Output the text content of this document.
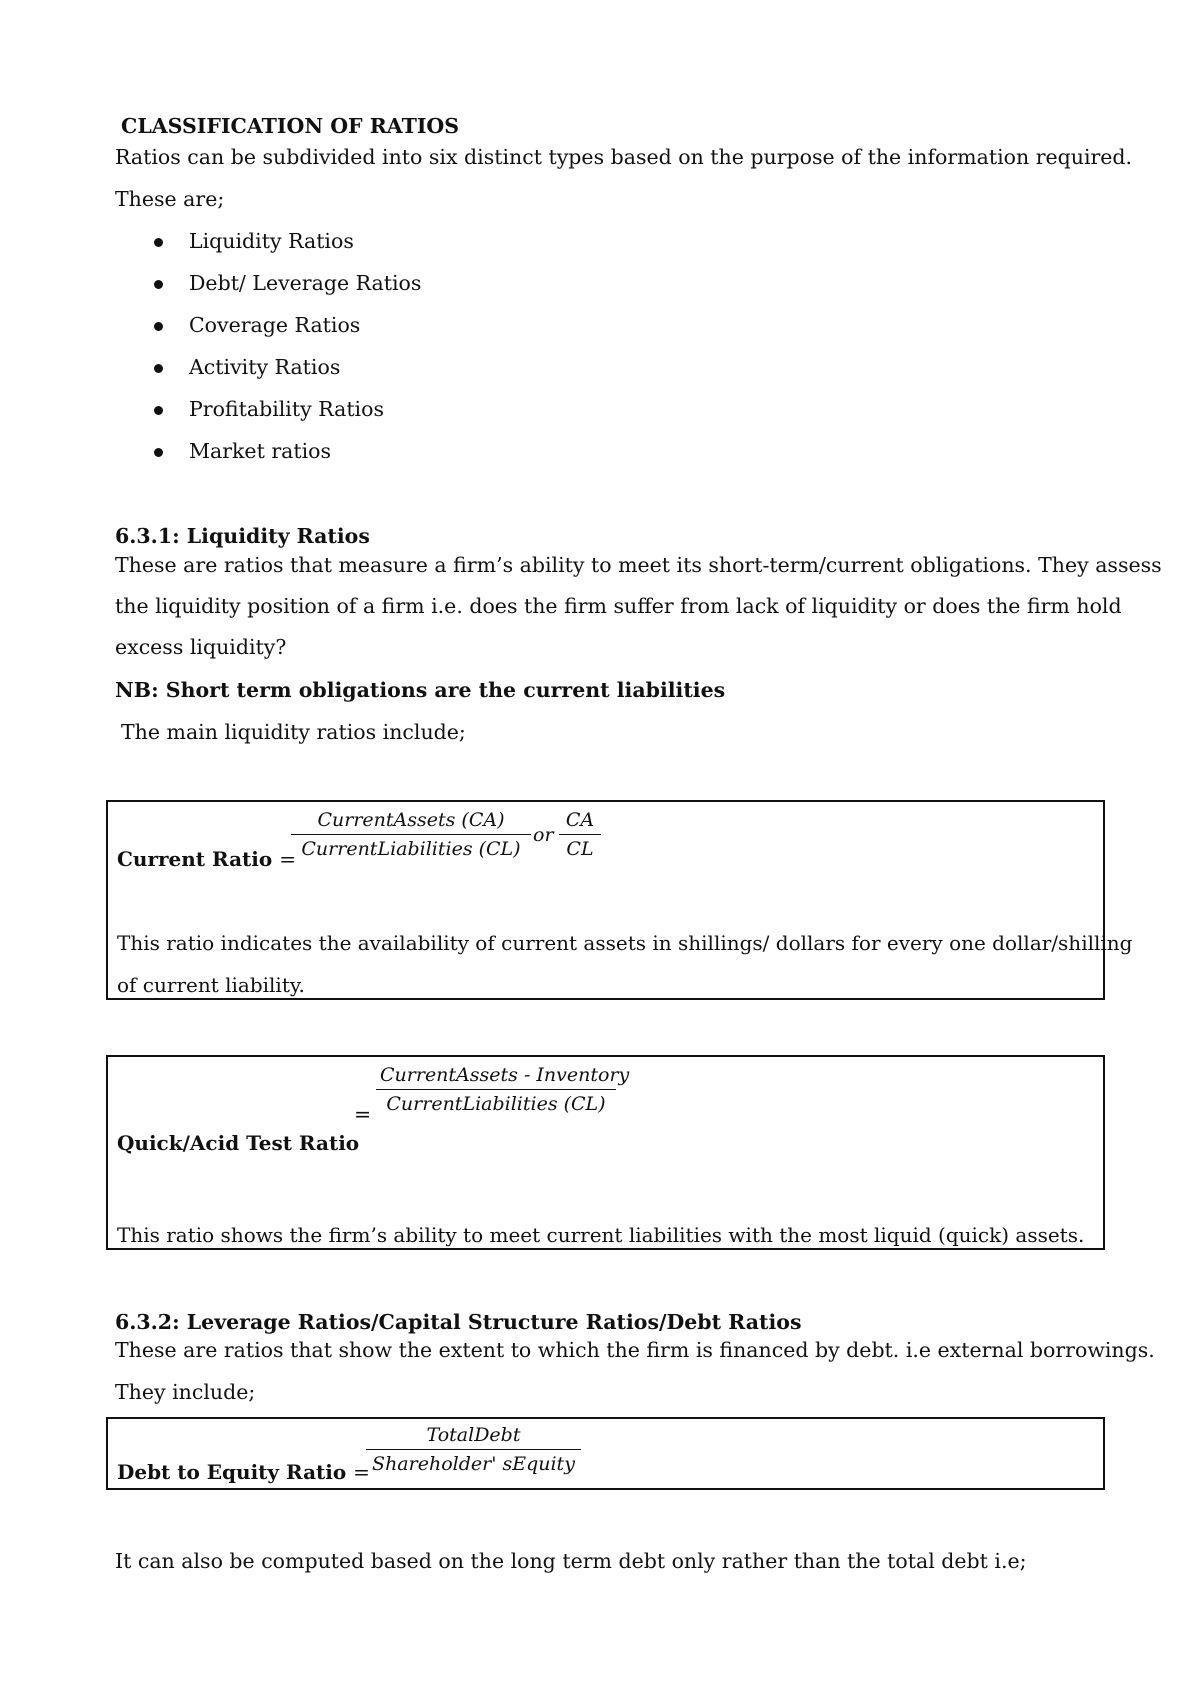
CLASSIFICATION OF RATIOS
Ratios can be subdivided into six distinct types based on the purpose of the information required.
These are;
Liquidity Ratios
Debt/ Leverage Ratios
Coverage Ratios
Activity Ratios
Profitability Ratios
Market ratios
6.3.1: Liquidity Ratios
These are ratios that measure a firm’s ability to meet its short-term/current obligations. They assess
the liquidity position of a firm i.e. does the firm suffer from lack of liquidity or does the firm hold
excess liquidity?
NB: Short term obligations are the current liabilities
The main liquidity ratios include;
Current Ratio =
CurrentAssets (CA)
CurrentLiabilities (CL)
or $\frac{CA}{CL}$
This ratio indicates the availability of current assets in shillings/ dollars for every one dollar/shilling
of current liability.
=
CurrentAssets - Inventory
CurrentLiabilities (CL)
Quick/Acid Test Ratio
This ratio shows the firm’s ability to meet current liabilities with the most liquid (quick) assets.
6.3.2: Leverage Ratios/Capital Structure Ratios/Debt Ratios
These are ratios that show the extent to which the firm is financed by debt. i.e external borrowings.
They include;
Debt to Equity Ratio =
TotalDebt
Shareholder' sEquity
It can also be computed based on the long term debt only rather than the total debt i.e;
